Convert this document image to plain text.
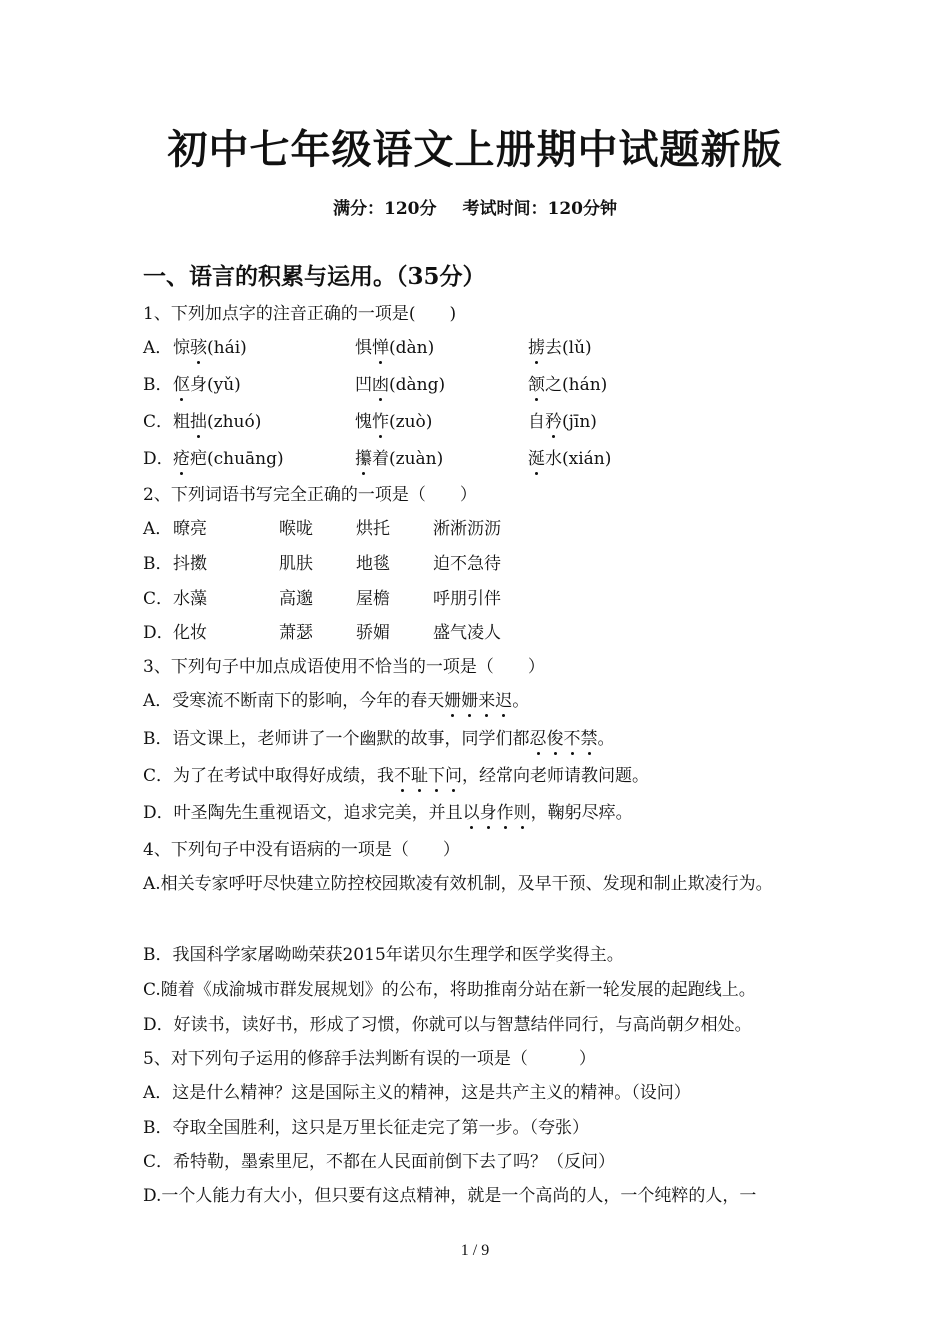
初中七年级语文上册期中试题新版
满分：120分 考试时间：120分钟
一、语言的积累与运用。（35分）
1、下列加点字的注音正确的一项是(　　)
A． 惊骇(hái)	惧惮(dàn)	掳去(lǔ)
B． 伛身(yǔ)	凹凼(dàng)	颔之(hán)
C． 粗拙(zhuó)	愧怍(zuò)	自矜(jīn)
D． 疮疤(chuāng)	攥着(zuàn)	涎水(xián)
2、下列词语书写完全正确的一项是（　　）
A． 暸亮	喉咙	烘托	淅淅沥沥
B． 抖擞	肌肤	地毯	迫不急待
C． 水藻	高邈	屋檐	呼朋引伴
D． 化妆	萧瑟	骄媚	盛气凌人
3、下列句子中加点成语使用不恰当的一项是（　　）
A．受寒流不断南下的影响，今年的春天姗姗来迟。
B．语文课上，老师讲了一个幽默的故事，同学们都忍俊不禁。
C．为了在考试中取得好成绩，我不耻下问，经常向老师请教问题。
D．叶圣陶先生重视语文，追求完美，并且以身作则，鞠躬尽瘁。
4、下列句子中没有语病的一项是（　　）
A.相关专家呼吁尽快建立防控校园欺凌有效机制，及早干预、发现和制止欺凌行为。
B．我国科学家屠呦呦荣获2015年诺贝尔生理学和医学奖得主。
C.随着《成渝城市群发展规划》的公布，将助推南分站在新一轮发展的起跑线上。
D．好读书，读好书，形成了习惯，你就可以与智慧结伴同行，与高尚朝夕相处。
5、对下列句子运用的修辞手法判断有误的一项是（　　　）
A．这是什么精神？这是国际主义的精神，这是共产主义的精神。（设问）
B．夺取全国胜利，这只是万里长征走完了第一步。（夸张）
C．希特勒，墨索里尼，不都在人民面前倒下去了吗？（反问）
D.一个人能力有大小，但只要有这点精神，就是一个高尚的人，一个纯粹的人，一
1 / 9
